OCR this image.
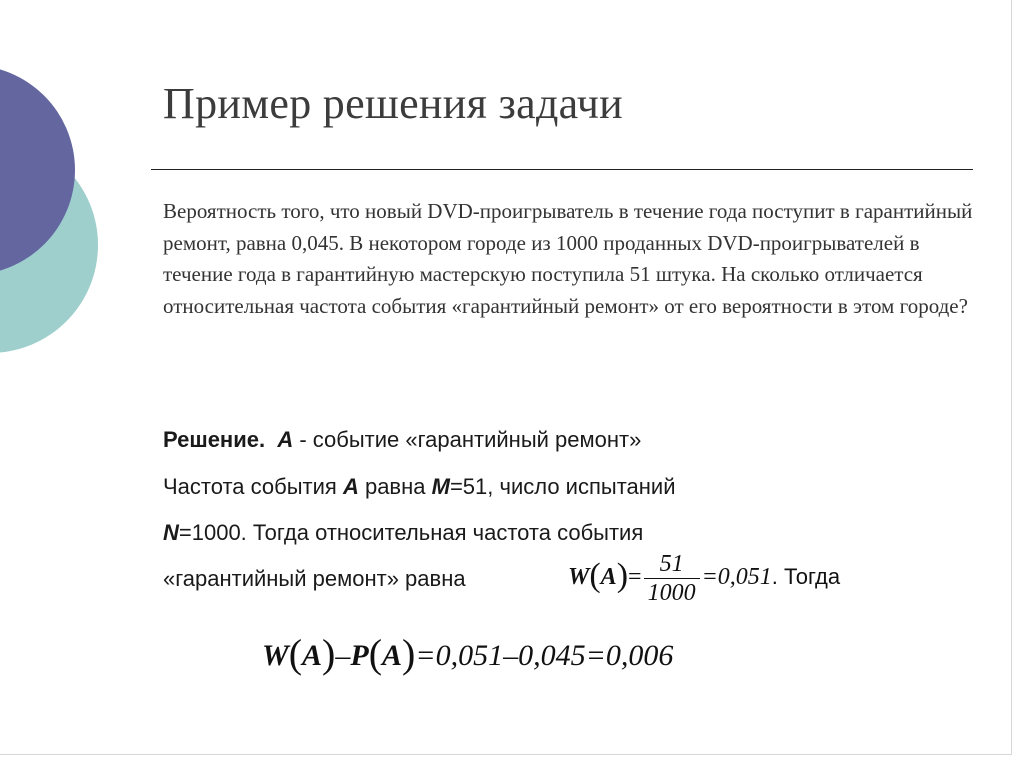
Пример решения задачи

Вероятность того, что новый DVD-проигрыватель в течение года поступит в гарантийный ремонт, равна 0,045. В некотором городе из 1000 проданных DVD-проигрывателей в течение года в гарантийную мастерскую поступила 51 штука. На сколько отличается относительная частота события «гарантийный ремонт» от его вероятности в этом городе?

Решение. А - событие «гарантийный ремонт»
Частота события А равна М=51, число испытаний
N=1000. Тогда относительная частота события
«гарантийный ремонт» равна	$W(A)= \frac{51}{1000} =0,051$. Тогда
W(A)–P(A)=0,051–0,045=0,006
